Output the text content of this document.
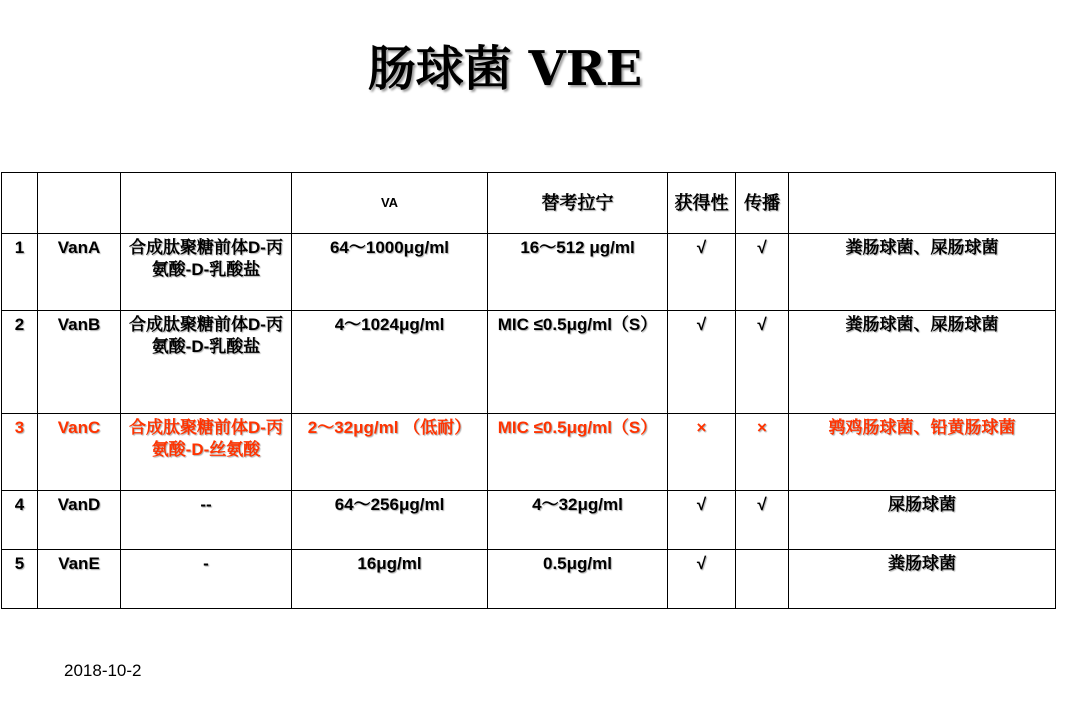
肠球菌 VRE
			VA	替考拉宁	获得性	传播	
1	VanA	合成肽聚糖前体D-丙氨酸-D-乳酸盐	64～1000μg/ml	16～512 μg/ml	√	√	粪肠球菌、屎肠球菌
2	VanB	合成肽聚糖前体D-丙氨酸-D-乳酸盐	4～1024μg/ml	MIC ≤0.5μg/ml（S）	√	√	粪肠球菌、屎肠球菌
3	VanC	合成肽聚糖前体D-丙氨酸-D-丝氨酸	2～32μg/ml （低耐）	MIC ≤0.5μg/ml（S）	×	×	鹑鸡肠球菌、铅黄肠球菌
4	VanD	--	64～256μg/ml	4～32μg/ml	√	√	屎肠球菌
5	VanE	-	16μg/ml	0.5μg/ml	√		粪肠球菌
2018-10-2
